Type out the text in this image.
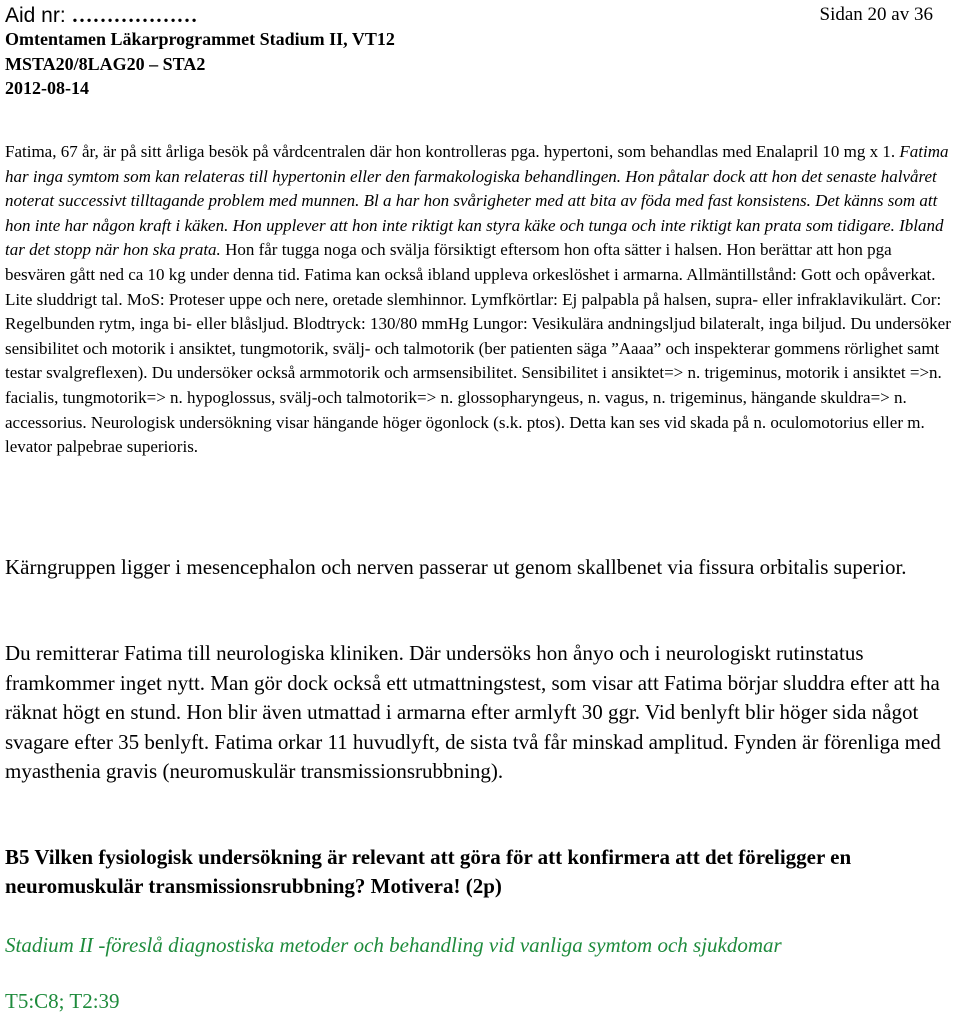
Aid nr: ………………	Sidan 20 av 36
Omtentamen Läkarprogrammet Stadium II, VT12
MSTA20/8LAG20 – STA2
2012-08-14

Fatima, 67 år, är på sitt årliga besök på vårdcentralen där hon kontrolleras pga. hypertoni, som behandlas med Enalapril 10 mg x 1. Fatima har inga symtom som kan relateras till hypertonin eller den farmakologiska behandlingen. Hon påtalar dock att hon det senaste halvåret noterat successivt tilltagande problem med munnen. Bl a har hon svårigheter med att bita av föda med fast konsistens. Det känns som att hon inte har någon kraft i käken. Hon upplever att hon inte riktigt kan styra käke och tunga och inte riktigt kan prata som tidigare. Ibland tar det stopp när hon ska prata. Hon får tugga noga och svälja försiktigt eftersom hon ofta sätter i halsen. Hon berättar att hon pga besvären gått ned ca 10 kg under denna tid. Fatima kan också ibland uppleva orkeslöshet i armarna. Allmäntillstånd: Gott och opåverkat. Lite sluddrigt tal. MoS: Proteser uppe och nere, oretade slemhinnor. Lymfkörtlar: Ej palpabla på halsen, supra- eller infraklavikulärt. Cor: Regelbunden rytm, inga bi- eller blåsljud. Blodtryck: 130/80 mmHg Lungor: Vesikulära andningsljud bilateralt, inga biljud. Du undersöker sensibilitet och motorik i ansiktet, tungmotorik, svälj- och talmotorik (ber patienten säga ”Aaaa” och inspekterar gommens rörlighet samt testar svalgreflexen). Du undersöker också armmotorik och armsensibilitet. Sensibilitet i ansiktet=> n. trigeminus, motorik i ansiktet =>n. facialis, tungmotorik=> n. hypoglossus, svälj-och talmotorik=> n. glossopharyngeus, n. vagus, n. trigeminus, hängande skuldra=> n. accessorius. Neurologisk undersökning visar hängande höger ögonlock (s.k. ptos). Detta kan ses vid skada på n. oculomotorius eller m. levator palpebrae superioris.

Kärngruppen ligger i mesencephalon och nerven passerar ut genom skallbenet via fissura orbitalis superior.

Du remitterar Fatima till neurologiska kliniken. Där undersöks hon ånyo och i neurologiskt rutinstatus framkommer inget nytt. Man gör dock också ett utmattningstest, som visar att Fatima börjar sluddra efter att ha räknat högt en stund. Hon blir även utmattad i armarna efter armlyft 30 ggr. Vid benlyft blir höger sida något svagare efter 35 benlyft. Fatima orkar 11 huvudlyft, de sista två får minskad amplitud. Fynden är förenliga med myasthenia gravis (neuromuskulär transmissionsrubbning).

B5 Vilken fysiologisk undersökning är relevant att göra för att konfirmera att det föreligger en neuromuskulär transmissionsrubbning? Motivera! (2p)

Stadium II -föreslå diagnostiska metoder och behandling vid vanliga symtom och sjukdomar
T5:C8; T2:39
